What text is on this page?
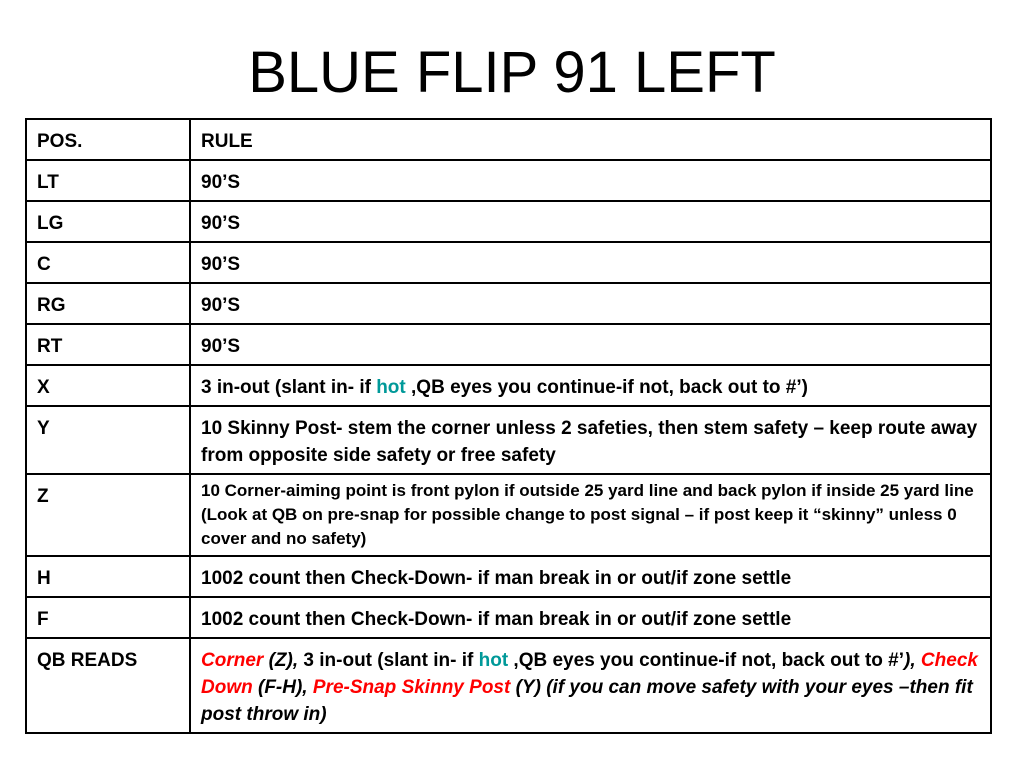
BLUE FLIP 91 LEFT
POS.	RULE
LT	90’S
LG	90’S
C	90’S
RG	90’S
RT	90’S
X	3 in-out (slant in- if hot ,QB eyes you continue-if not, back out to #’)
Y	10 Skinny Post- stem the corner unless 2 safeties, then stem safety – keep route away from opposite side safety or free safety
Z	10 Corner-aiming point is front pylon if outside 25 yard line and back pylon if inside 25 yard line (Look at QB on pre-snap for possible change to post signal – if post keep it “skinny” unless 0 cover and no safety)
H	1002 count then Check-Down- if man break in or out/if zone settle
F	1002 count then Check-Down- if man break in or out/if zone settle
QB READS	Corner (Z), 3 in-out (slant in- if hot ,QB eyes you continue-if not, back out to #’), Check Down (F-H), Pre-Snap Skinny Post (Y) (if you can move safety with your eyes –then fit post throw in)
